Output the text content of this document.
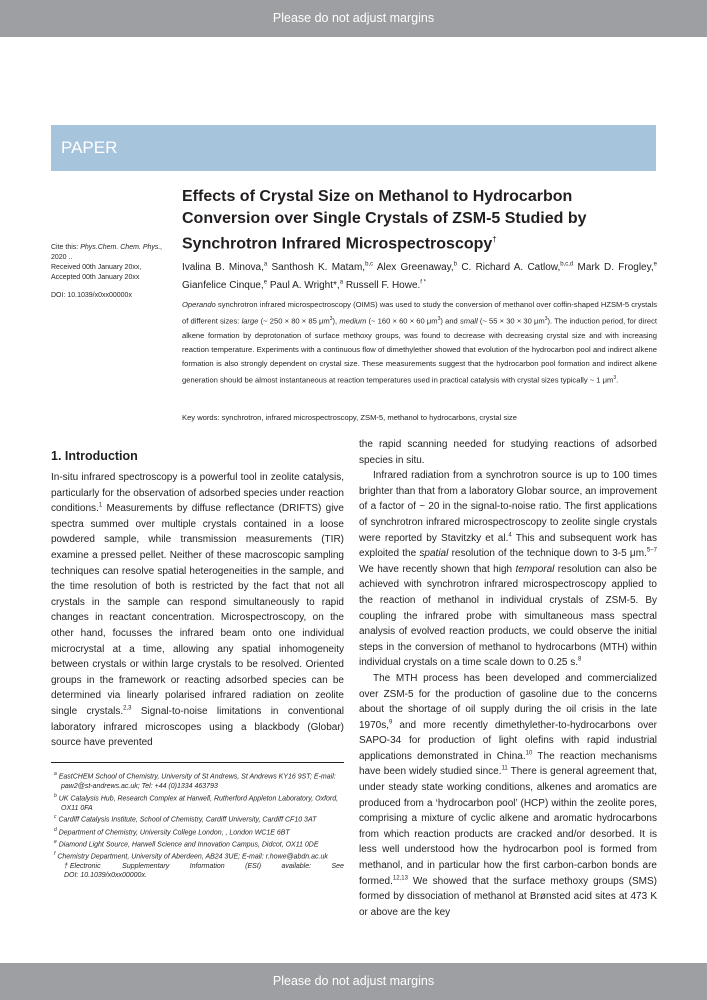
Please do not adjust margins
PAPER
Effects of Crystal Size on Methanol to Hydrocarbon Conversion over Single Crystals of ZSM-5 Studied by Synchrotron Infrared Microspectroscopy†
Cite this: Phys.Chem. Chem. Phys.,
2020 ..
Received 00th January 20xx,
Accepted 00th January 20xx
DOI: 10.1039/x0xx00000x
Ivalina B. Minova,$^a$ Santhosh K. Matam,$^{b,c}$ Alex Greenaway,$^b$ C. Richard A. Catlow,$^{b,c,d}$ Mark D. Frogley,$^e$ Gianfelice Cinque,$^e$ Paul A. Wright*,$^a$ Russell F. Howe.$^{f *}$
Operando synchrotron infrared microspectroscopy (OIMS) was used to study the conversion of methanol over coffin-shaped HZSM-5 crystals of different sizes: large (~ 250 × 80 × 85 $\mu m^3$), medium (~ 160 × 60 × 60 $\mu m^3$) and small (~ 55 × 30 × 30 $\mu m^3$). The induction period, for direct alkene formation by deprotonation of surface methoxy groups, was found to decrease with decreasing crystal size and with increasing reaction temperature. Experiments with a continuous flow of dimethylether showed that evolution of the hydrocarbon pool and indirect alkene formation is also strongly dependent on crystal size. These measurements suggest that the hydrocarbon pool formation and indirect alkene generation should be almost instantaneous at reaction temperatures used in practical catalysis with crystal sizes typically ~ 1 $\mu m^3$.
Key words: synchrotron, infrared microspectroscopy, ZSM-5, methanol to hydrocarbons, crystal size
1. Introduction

In-situ infrared spectroscopy is a powerful tool in zeolite catalysis, particularly for the observation of adsorbed species under reaction conditions.$^1$ Measurements by diffuse reflectance (DRIFTS) give spectra summed over multiple crystals contained in a loose powdered sample, while transmission measurements (TIR) examine a pressed pellet. Neither of these macroscopic sampling techniques can resolve spatial heterogeneities in the sample, and the time resolution of both is restricted by the fact that not all crystals in the sample can respond simultaneously to rapid changes in reactant concentration. Microspectroscopy, on the other hand, focusses the infrared beam onto one individual microcrystal at a time, allowing any spatial inhomogeneity between crystals or within large crystals to be resolved. Oriented groups in the framework or reacting adsorbed species can be determined via linearly polarised infrared radiation on zeolite single crystals.$^{2,3}$ Signal-to-noise limitations in conventional laboratory infrared microscopes using a blackbody (Globar) source have prevented

$^a$ EastCHEM School of Chemistry, University of St Andrews, St Andrews KY16 9ST; E-mail: paw2@st-andrews.ac.uk; Tel: +44 (0)1334 463793
$^b$ UK Catalysis Hub, Research Complex at Harwell, Rutherford Appleton Laboratory, Oxford, OX11 0FA
$^c$ Cardiff Catalysis Institute, School of Chemistry, Cardiff University, Cardiff CF10 3AT
$^d$ Department of Chemistry, University College London, , London WC1E 6BT
$^e$ Diamond Light Source, Harwell Science and Innovation Campus, Didcot, OX11 0DE
$^f$ Chemistry Department, University of Aberdeen, AB24 3UE; E-mail: r.howe@abdn.ac.uk
† Electronic	Supplementary	Information	(ESI)	available:	See
DOI: 10.1039/x0xx00000x.

the rapid scanning needed for studying reactions of adsorbed species in situ.

Infrared radiation from a synchrotron source is up to 100 times brighter than that from a laboratory Globar source, an improvement of a factor of ~ 20 in the signal-to-noise ratio. The first applications of synchrotron infrared microspectroscopy to zeolite single crystals were reported by Stavitzky et al.$^4$ This and subsequent work has exploited the spatial resolution of the technique down to 3-5 μm.$^{5-7}$ We have recently shown that high temporal resolution can also be achieved with synchrotron infrared microspectroscopy applied to the reaction of methanol in individual crystals of ZSM-5. By coupling the infrared probe with simultaneous mass spectral analysis of evolved reaction products, we could observe the initial steps in the conversion of methanol to hydrocarbons (MTH) within individual crystals on a time scale down to 0.25 s.$^8$

The MTH process has been developed and commercialized over ZSM-5 for the production of gasoline due to the concerns about the shortage of oil supply during the oil crisis in the late 1970s,$^9$ and more recently dimethylether-to-hydrocarbons over SAPO-34 for production of light olefins with rapid industrial applications demonstrated in China.$^{10}$ The reaction mechanisms have been widely studied since.$^{11}$ There is general agreement that, under steady state working conditions, alkenes and aromatics are produced from a ‘hydrocarbon pool’ (HCP) within the zeolite pores, comprising a mixture of cyclic alkene and aromatic hydrocarbons from which reaction products are cracked and/or desorbed. It is less well understood how the hydrocarbon pool is formed from methanol, and in particular how the first carbon-carbon bonds are formed.$^{12,13}$ We showed that the surface methoxy groups (SMS) formed by dissociation of methanol at Brønsted acid sites at 473 K or above are the key

Please do not adjust margins
